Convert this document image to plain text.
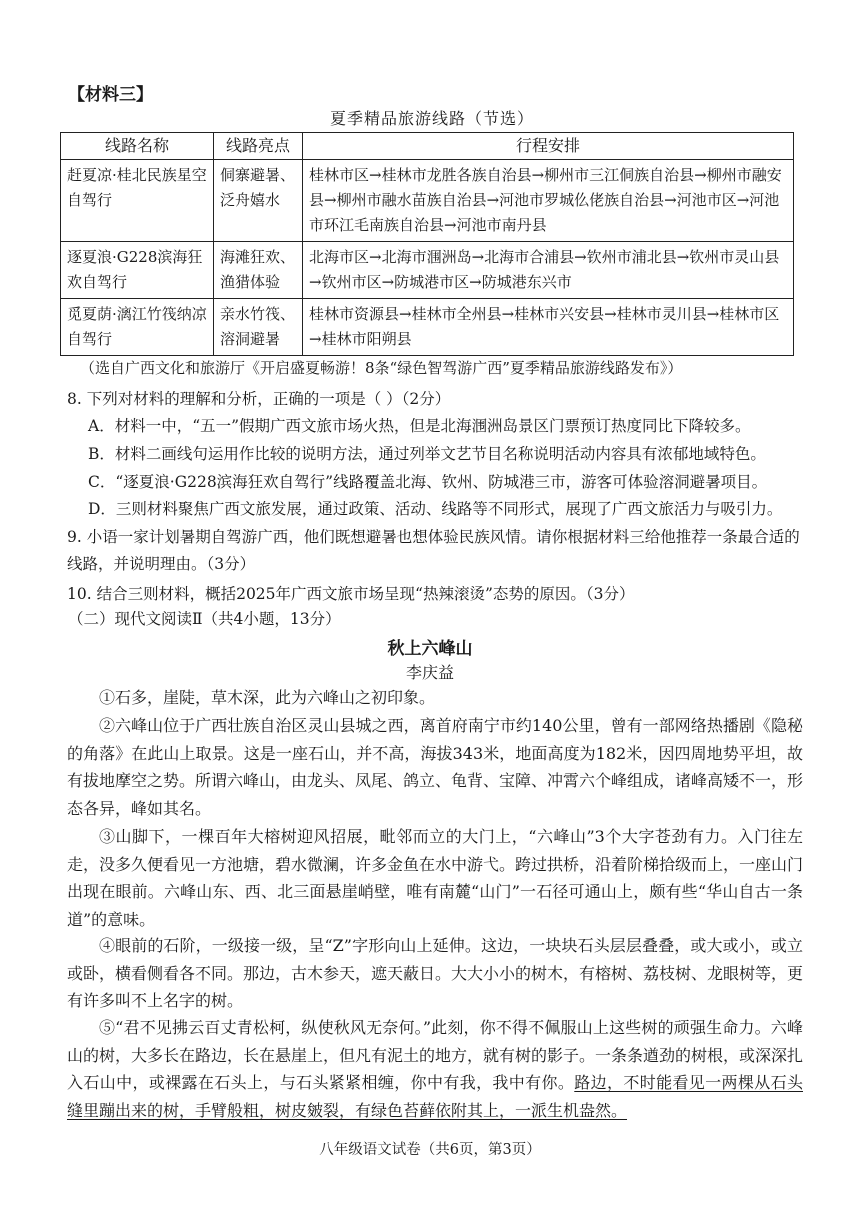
【材料三】
夏季精品旅游线路（节选）
线路名称	线路亮点	行程安排
赶夏凉·桂北民族星空自驾行	侗寨避暑、泛舟嬉水	桂林市区→桂林市龙胜各族自治县→柳州市三江侗族自治县→柳州市融安县→柳州市融水苗族自治县→河池市罗城仫佬族自治县→河池市区→河池市环江毛南族自治县→河池市南丹县
逐夏浪·G228滨海狂欢自驾行	海滩狂欢、渔猎体验	北海市区→北海市涠洲岛→北海市合浦县→钦州市浦北县→钦州市灵山县→钦州市区→防城港市区→防城港东兴市
觅夏荫·漓江竹筏纳凉自驾行	亲水竹筏、溶洞避暑	桂林市资源县→桂林市全州县→桂林市兴安县→桂林市灵川县→桂林市区→桂林市阳朔县
（选自广西文化和旅游厅《开启盛夏畅游！8条“绿色智驾游广西”夏季精品旅游线路发布》）
8. 下列对材料的理解和分析，正确的一项是（ ）（2分）
A．材料一中，“五一”假期广西文旅市场火热，但是北海涠洲岛景区门票预订热度同比下降较多。
B．材料二画线句运用作比较的说明方法，通过列举文艺节目名称说明活动内容具有浓郁地域特色。
C．“逐夏浪·G228滨海狂欢自驾行”线路覆盖北海、钦州、防城港三市，游客可体验溶洞避暑项目。
D．三则材料聚焦广西文旅发展，通过政策、活动、线路等不同形式，展现了广西文旅活力与吸引力。
9. 小语一家计划暑期自驾游广西，他们既想避暑也想体验民族风情。请你根据材料三给他推荐一条最合适的线路，并说明理由。（3分）
10. 结合三则材料，概括2025年广西文旅市场呈现“热辣滚烫”态势的原因。（3分）
（二）现代文阅读Ⅱ（共4小题，13分）
秋上六峰山
李庆益
①石多，崖陡，草木深，此为六峰山之初印象。
②六峰山位于广西壮族自治区灵山县城之西，离首府南宁市约140公里，曾有一部网络热播剧《隐秘的角落》在此山上取景。这是一座石山，并不高，海拔343米，地面高度为182米，因四周地势平坦，故有拔地摩空之势。所谓六峰山，由龙头、凤尾、鸽立、龟背、宝障、冲霄六个峰组成，诸峰高矮不一，形态各异，峰如其名。
③山脚下，一棵百年大榕树迎风招展，毗邻而立的大门上，“六峰山”3个大字苍劲有力。入门往左走，没多久便看见一方池塘，碧水微澜，许多金鱼在水中游弋。跨过拱桥，沿着阶梯拾级而上，一座山门出现在眼前。六峰山东、西、北三面悬崖峭壁，唯有南麓“山门”一石径可通山上，颇有些“华山自古一条道”的意味。
④眼前的石阶，一级接一级，呈“Z”字形向山上延伸。这边，一块块石头层层叠叠，或大或小，或立或卧，横看侧看各不同。那边，古木参天，遮天蔽日。大大小小的树木，有榕树、荔枝树、龙眼树等，更有许多叫不上名字的树。
⑤“君不见拂云百丈青松柯，纵使秋风无奈何。”此刻，你不得不佩服山上这些树的顽强生命力。六峰山的树，大多长在路边，长在悬崖上，但凡有泥土的地方，就有树的影子。一条条遒劲的树根，或深深扎入石山中，或裸露在石头上，与石头紧紧相缠，你中有我，我中有你。路边，不时能看见一两棵从石头缝里蹦出来的树，手臂般粗，树皮皴裂，有绿色苔藓依附其上，一派生机盎然。
八年级语文试卷（共6页，第3页）
